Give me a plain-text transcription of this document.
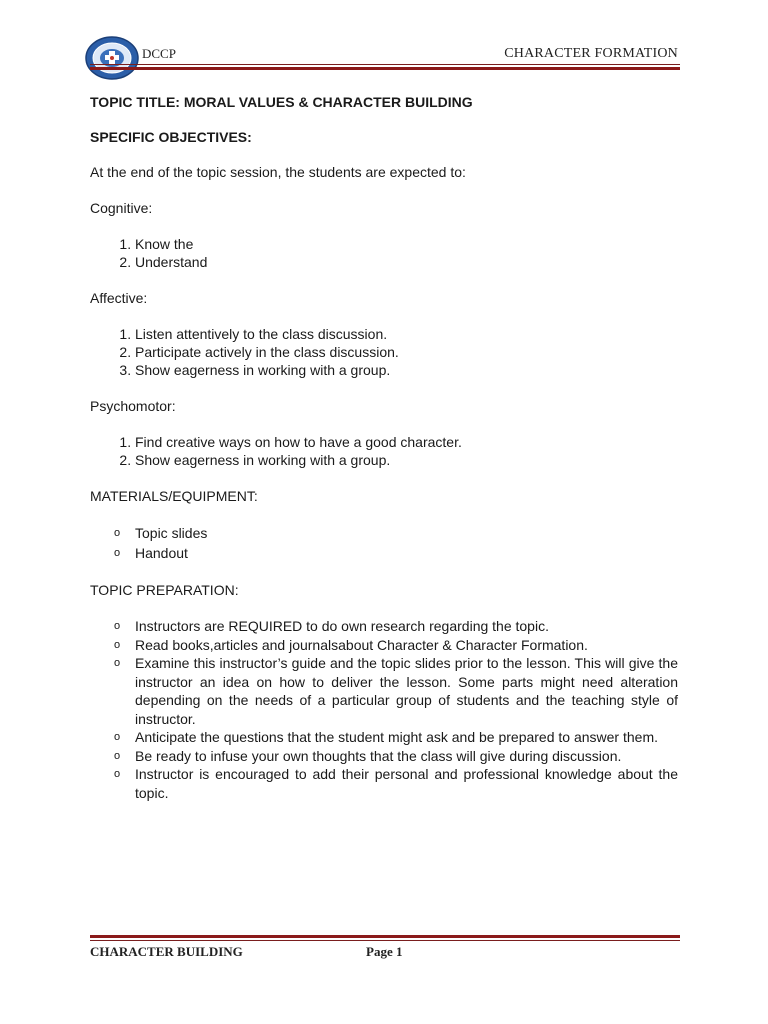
DCCP	CHARACTER FORMATION
TOPIC TITLE: MORAL VALUES & CHARACTER BUILDING
SPECIFIC OBJECTIVES:
At the end of the topic session, the students are expected to:
Cognitive:
1. Know the
2. Understand
Affective:
1. Listen attentively to the class discussion.
2. Participate actively in the class discussion.
3. Show eagerness in working with a group.
Psychomotor:
1. Find creative ways on how to have a good character.
2. Show eagerness in working with a group.
MATERIALS/EQUIPMENT:
o Topic slides
o Handout
TOPIC PREPARATION:
o Instructors are REQUIRED to do own research regarding the topic.
o Read books,articles and journalsabout Character & Character Formation.
o Examine this instructor’s guide and the topic slides prior to the lesson. This will give the instructor an idea on how to deliver the lesson. Some parts might need alteration depending on the needs of a particular group of students and the teaching style of instructor.
o Anticipate the questions that the student might ask and be prepared to answer them.
o Be ready to infuse your own thoughts that the class will give during discussion.
o Instructor is encouraged to add their personal and professional knowledge about the topic.
CHARACTER BUILDING	Page 1
